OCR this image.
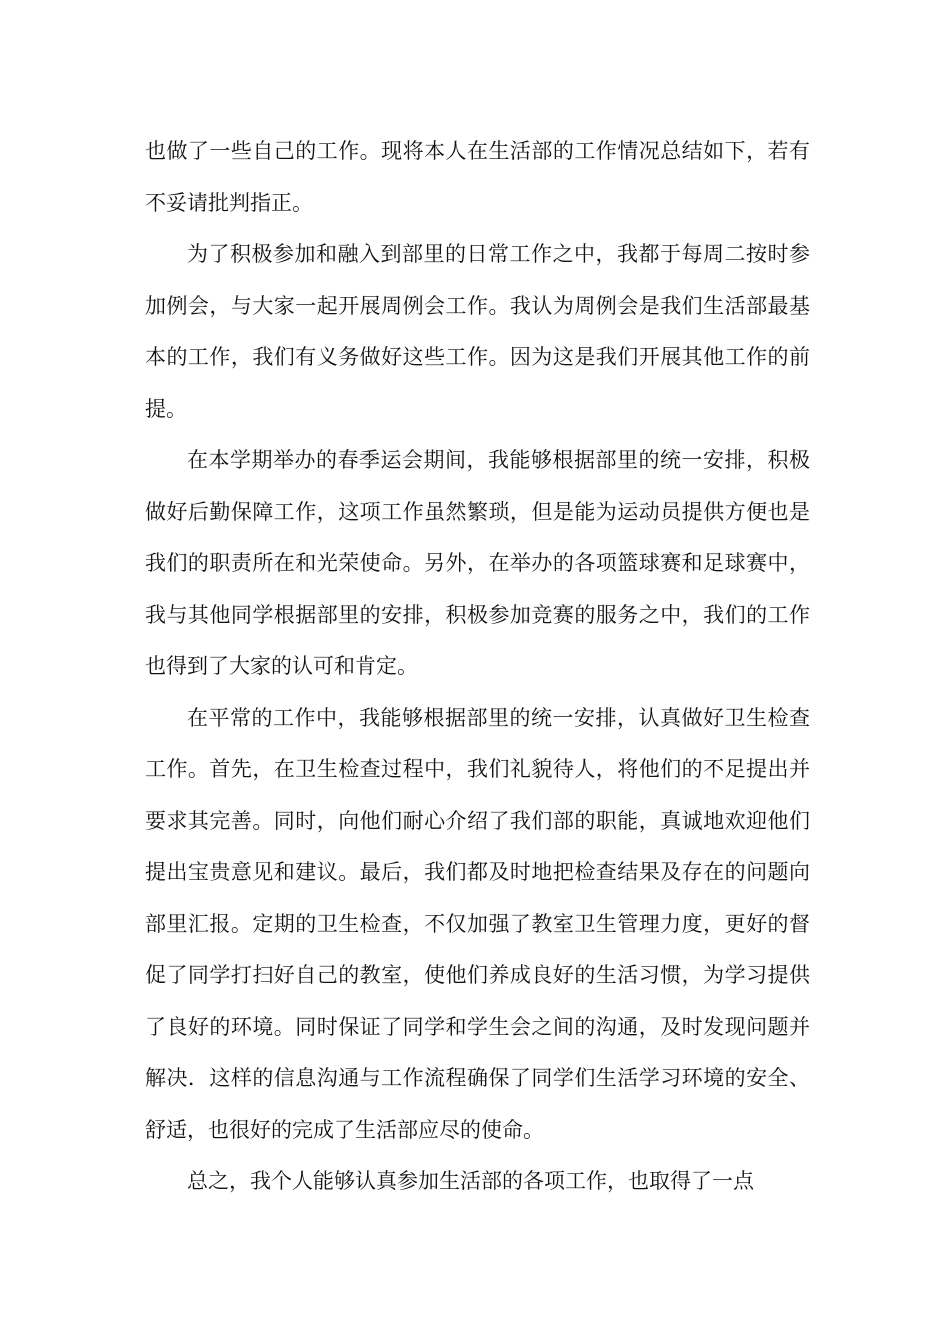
也做了一些自己的工作。现将本人在生活部的工作情况总结如下，若有不妥请批判指正。

为了积极参加和融入到部里的日常工作之中，我都于每周二按时参加例会，与大家一起开展周例会工作。我认为周例会是我们生活部最基本的工作，我们有义务做好这些工作。因为这是我们开展其他工作的前提。

在本学期举办的春季运会期间，我能够根据部里的统一安排，积极做好后勤保障工作，这项工作虽然繁琐，但是能为运动员提供方便也是我们的职责所在和光荣使命。另外，在举办的各项篮球赛和足球赛中，我与其他同学根据部里的安排，积极参加竞赛的服务之中，我们的工作也得到了大家的认可和肯定。

在平常的工作中，我能够根据部里的统一安排，认真做好卫生检查工作。首先，在卫生检查过程中，我们礼貌待人，将他们的不足提出并要求其完善。同时，向他们耐心介绍了我们部的职能，真诚地欢迎他们提出宝贵意见和建议。最后，我们都及时地把检查结果及存在的问题向部里汇报。定期的卫生检查，不仅加强了教室卫生管理力度，更好的督促了同学打扫好自己的教室，使他们养成良好的生活习惯，为学习提供了良好的环境。同时保证了同学和学生会之间的沟通，及时发现问题并解决．这样的信息沟通与工作流程确保了同学们生活学习环境的安全、舒适，也很好的完成了生活部应尽的使命。

总之，我个人能够认真参加生活部的各项工作，也取得了一点
